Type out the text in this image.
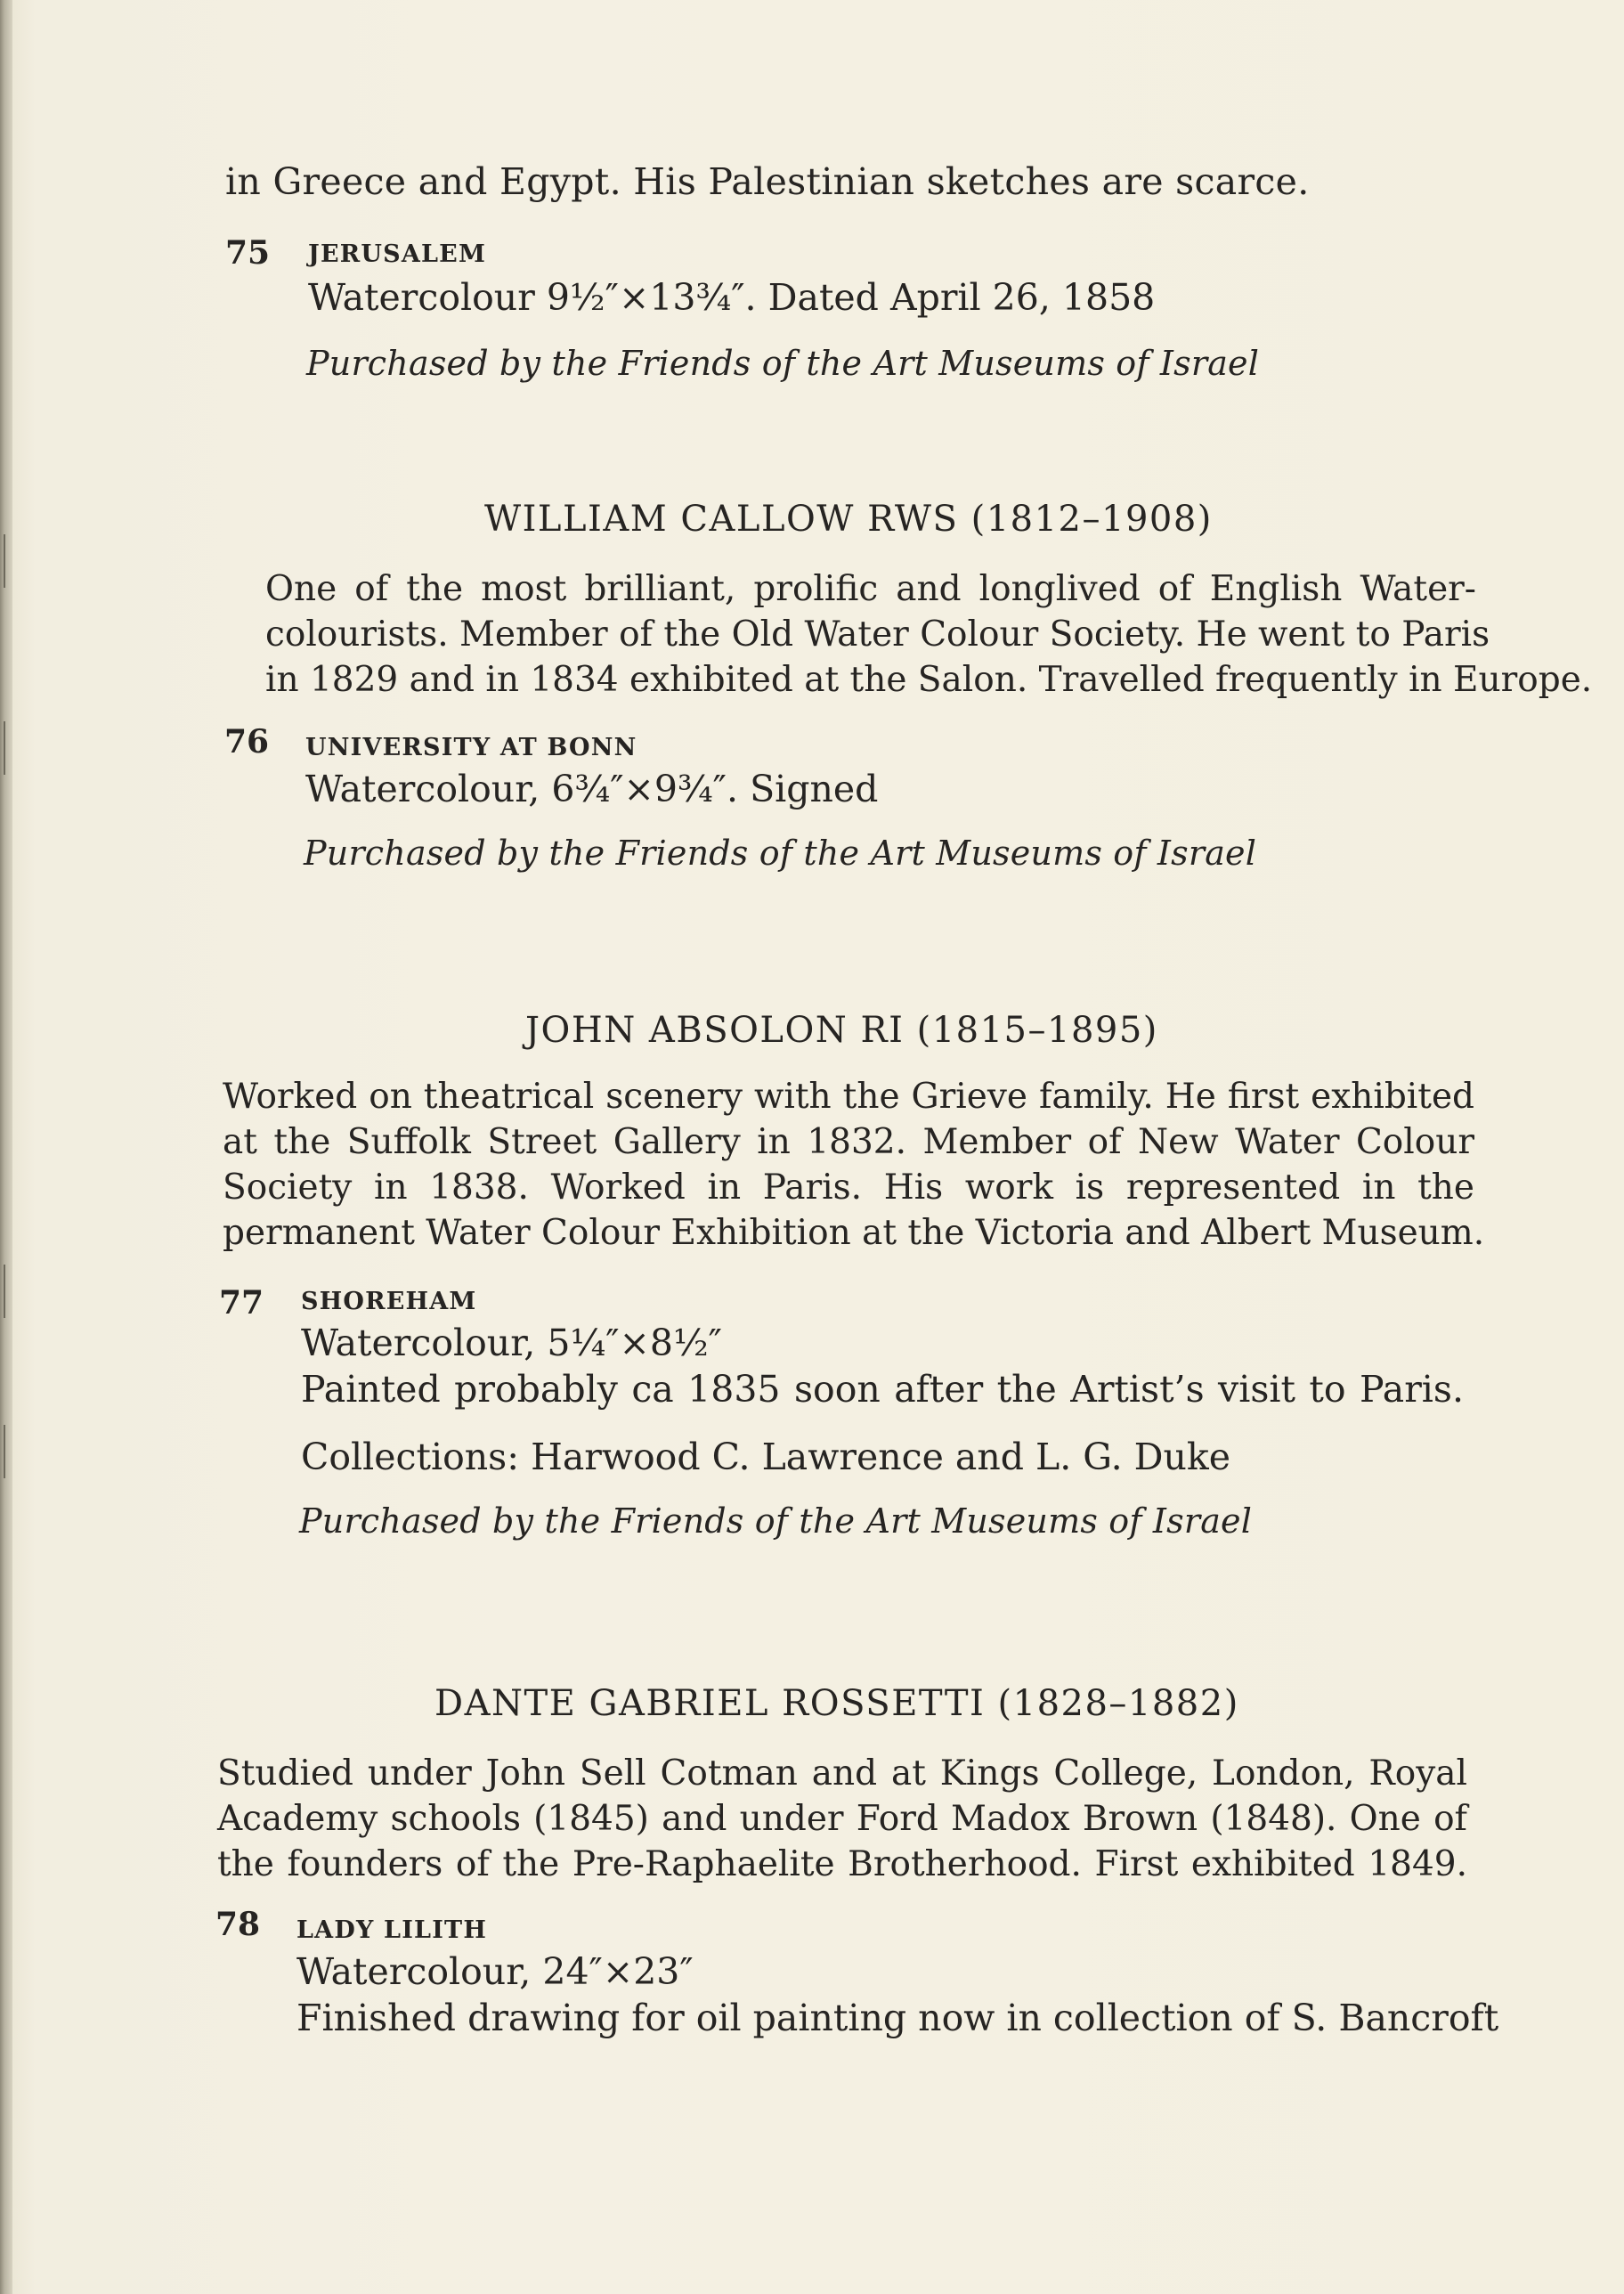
in Greece and Egypt. His Palestinian sketches are scarce.
75 JERUSALEM
Watercolour 9½″×13¾″. Dated April 26, 1858
Purchased by the Friends of the Art Museums of Israel
WILLIAM CALLOW RWS (1812–1908)
One of the most brilliant, prolific and longlived of English Water-
colourists. Member of the Old Water Colour Society. He went to Paris
in 1829 and in 1834 exhibited at the Salon. Travelled frequently in Europe.
76 UNIVERSITY AT BONN
Watercolour, 6¾″×9¾″. Signed
Purchased by the Friends of the Art Museums of Israel
JOHN ABSOLON RI (1815–1895)
Worked on theatrical scenery with the Grieve family. He first exhibited
at the Suffolk Street Gallery in 1832. Member of New Water Colour
Society in 1838. Worked in Paris. His work is represented in the
permanent Water Colour Exhibition at the Victoria and Albert Museum.
77 SHOREHAM
Watercolour, 5¼″×8½″
Painted probably ca 1835 soon after the Artist’s visit to Paris.
Collections: Harwood C. Lawrence and L. G. Duke
Purchased by the Friends of the Art Museums of Israel
DANTE GABRIEL ROSSETTI (1828–1882)
Studied under John Sell Cotman and at Kings College, London, Royal
Academy schools (1845) and under Ford Madox Brown (1848). One of
the founders of the Pre-Raphaelite Brotherhood. First exhibited 1849.
78 LADY LILITH
Watercolour, 24″×23″
Finished drawing for oil painting now in collection of S. Bancroft
